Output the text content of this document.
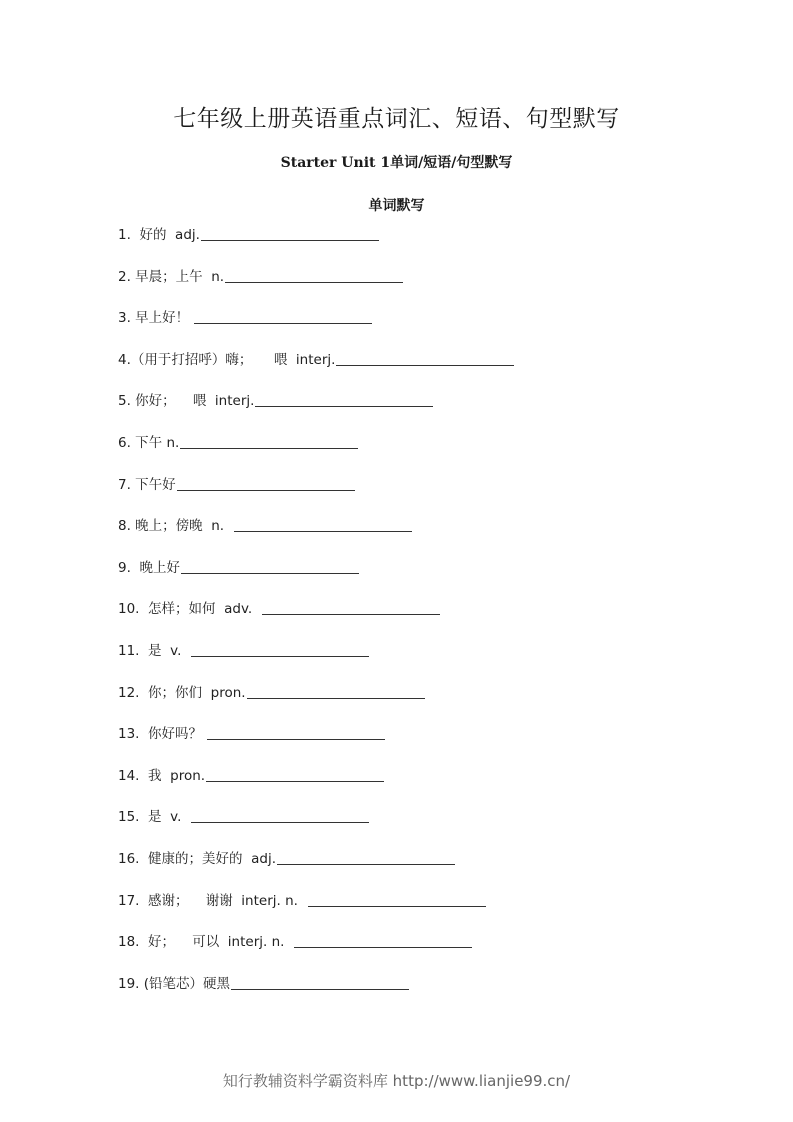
七年级上册英语重点词汇、短语、句型默写
Starter Unit 1单词/短语/句型默写
单词默写
1.  好的  adj.
2. 早晨；上午  n.
3. 早上好！
4.（用于打招呼）嗨；     喂  interj.
5. 你好；    喂  interj.
6. 下午 n.
7. 下午好
8. 晚上；傍晚  n.
9.  晚上好
10.  怎样；如何  adv.
11.  是  v.
12.  你；你们  pron.
13.  你好吗？
14.  我  pron.
15.  是  v.
16.  健康的；美好的  adj.
17.  感谢；    谢谢  interj. n.
18.  好；    可以  interj. n.
19. (铅笔芯）硬黑
知行教辅资料学霸资料库 http://www.lianjie99.cn/
